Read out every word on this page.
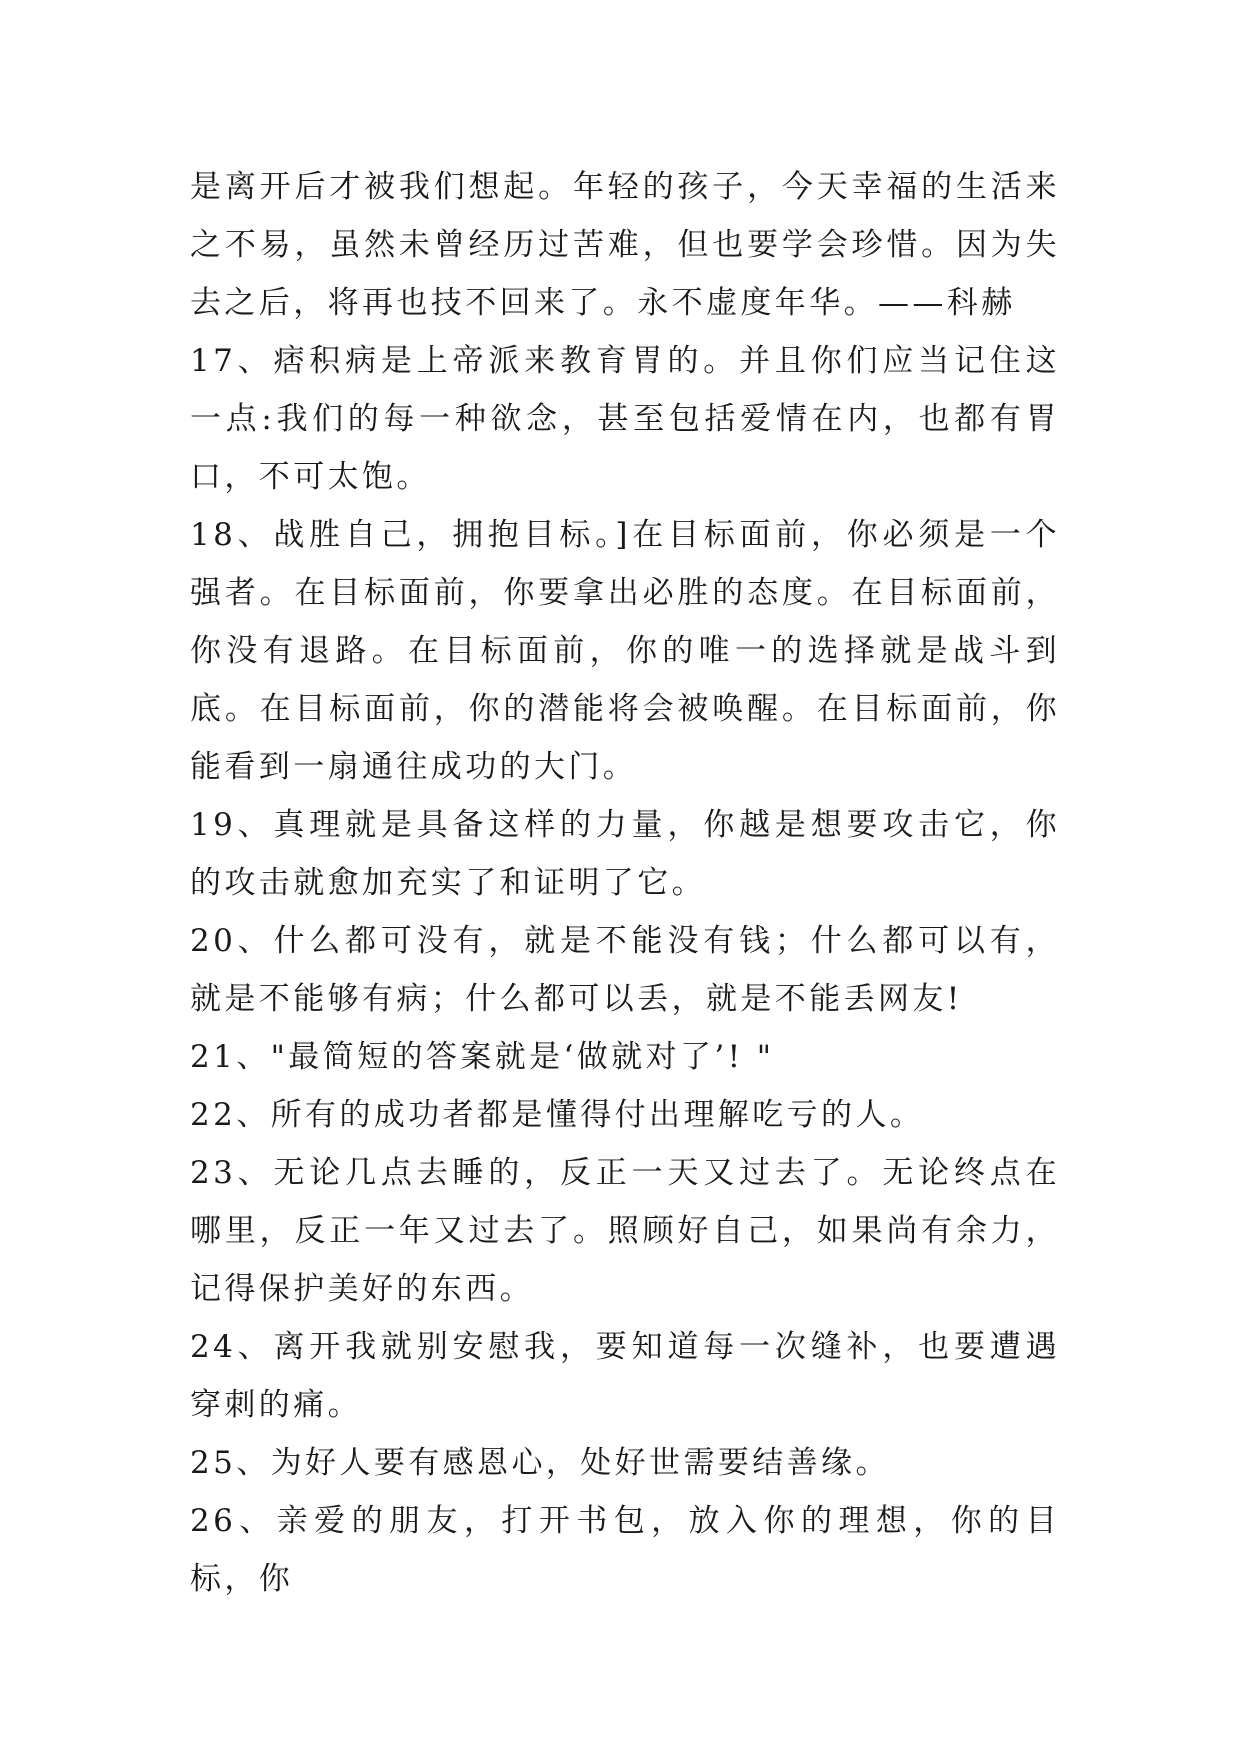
是离开后才被我们想起。年轻的孩子，今天幸福的生活来之不易，虽然未曾经历过苦难，但也要学会珍惜。因为失去之后，将再也技不回来了。永不虚度年华。——科赫

17、痞积病是上帝派来教育胃的。并且你们应当记住这一点:我们的每一种欲念，甚至包括爱情在内，也都有胃口，不可太饱。

18、战胜自己，拥抱目标。]在目标面前，你必须是一个强者。在目标面前，你要拿出必胜的态度。在目标面前，你没有退路。在目标面前，你的唯一的选择就是战斗到底。在目标面前，你的潜能将会被唤醒。在目标面前，你能看到一扇通往成功的大门。

19、真理就是具备这样的力量，你越是想要攻击它，你的攻击就愈加充实了和证明了它。

20、什么都可没有，就是不能没有钱；什么都可以有，就是不能够有病；什么都可以丢，就是不能丢网友!

21、"最简短的答案就是‘做就对了’! "

22、所有的成功者都是懂得付出理解吃亏的人。

23、无论几点去睡的，反正一天又过去了。无论终点在哪里，反正一年又过去了。照顾好自己，如果尚有余力，记得保护美好的东西。

24、离开我就别安慰我，要知道每一次缝补，也要遭遇穿刺的痛。

25、为好人要有感恩心，处好世需要结善缘。

26、亲爱的朋友，打开书包，放入你的理想，你的目标，你
